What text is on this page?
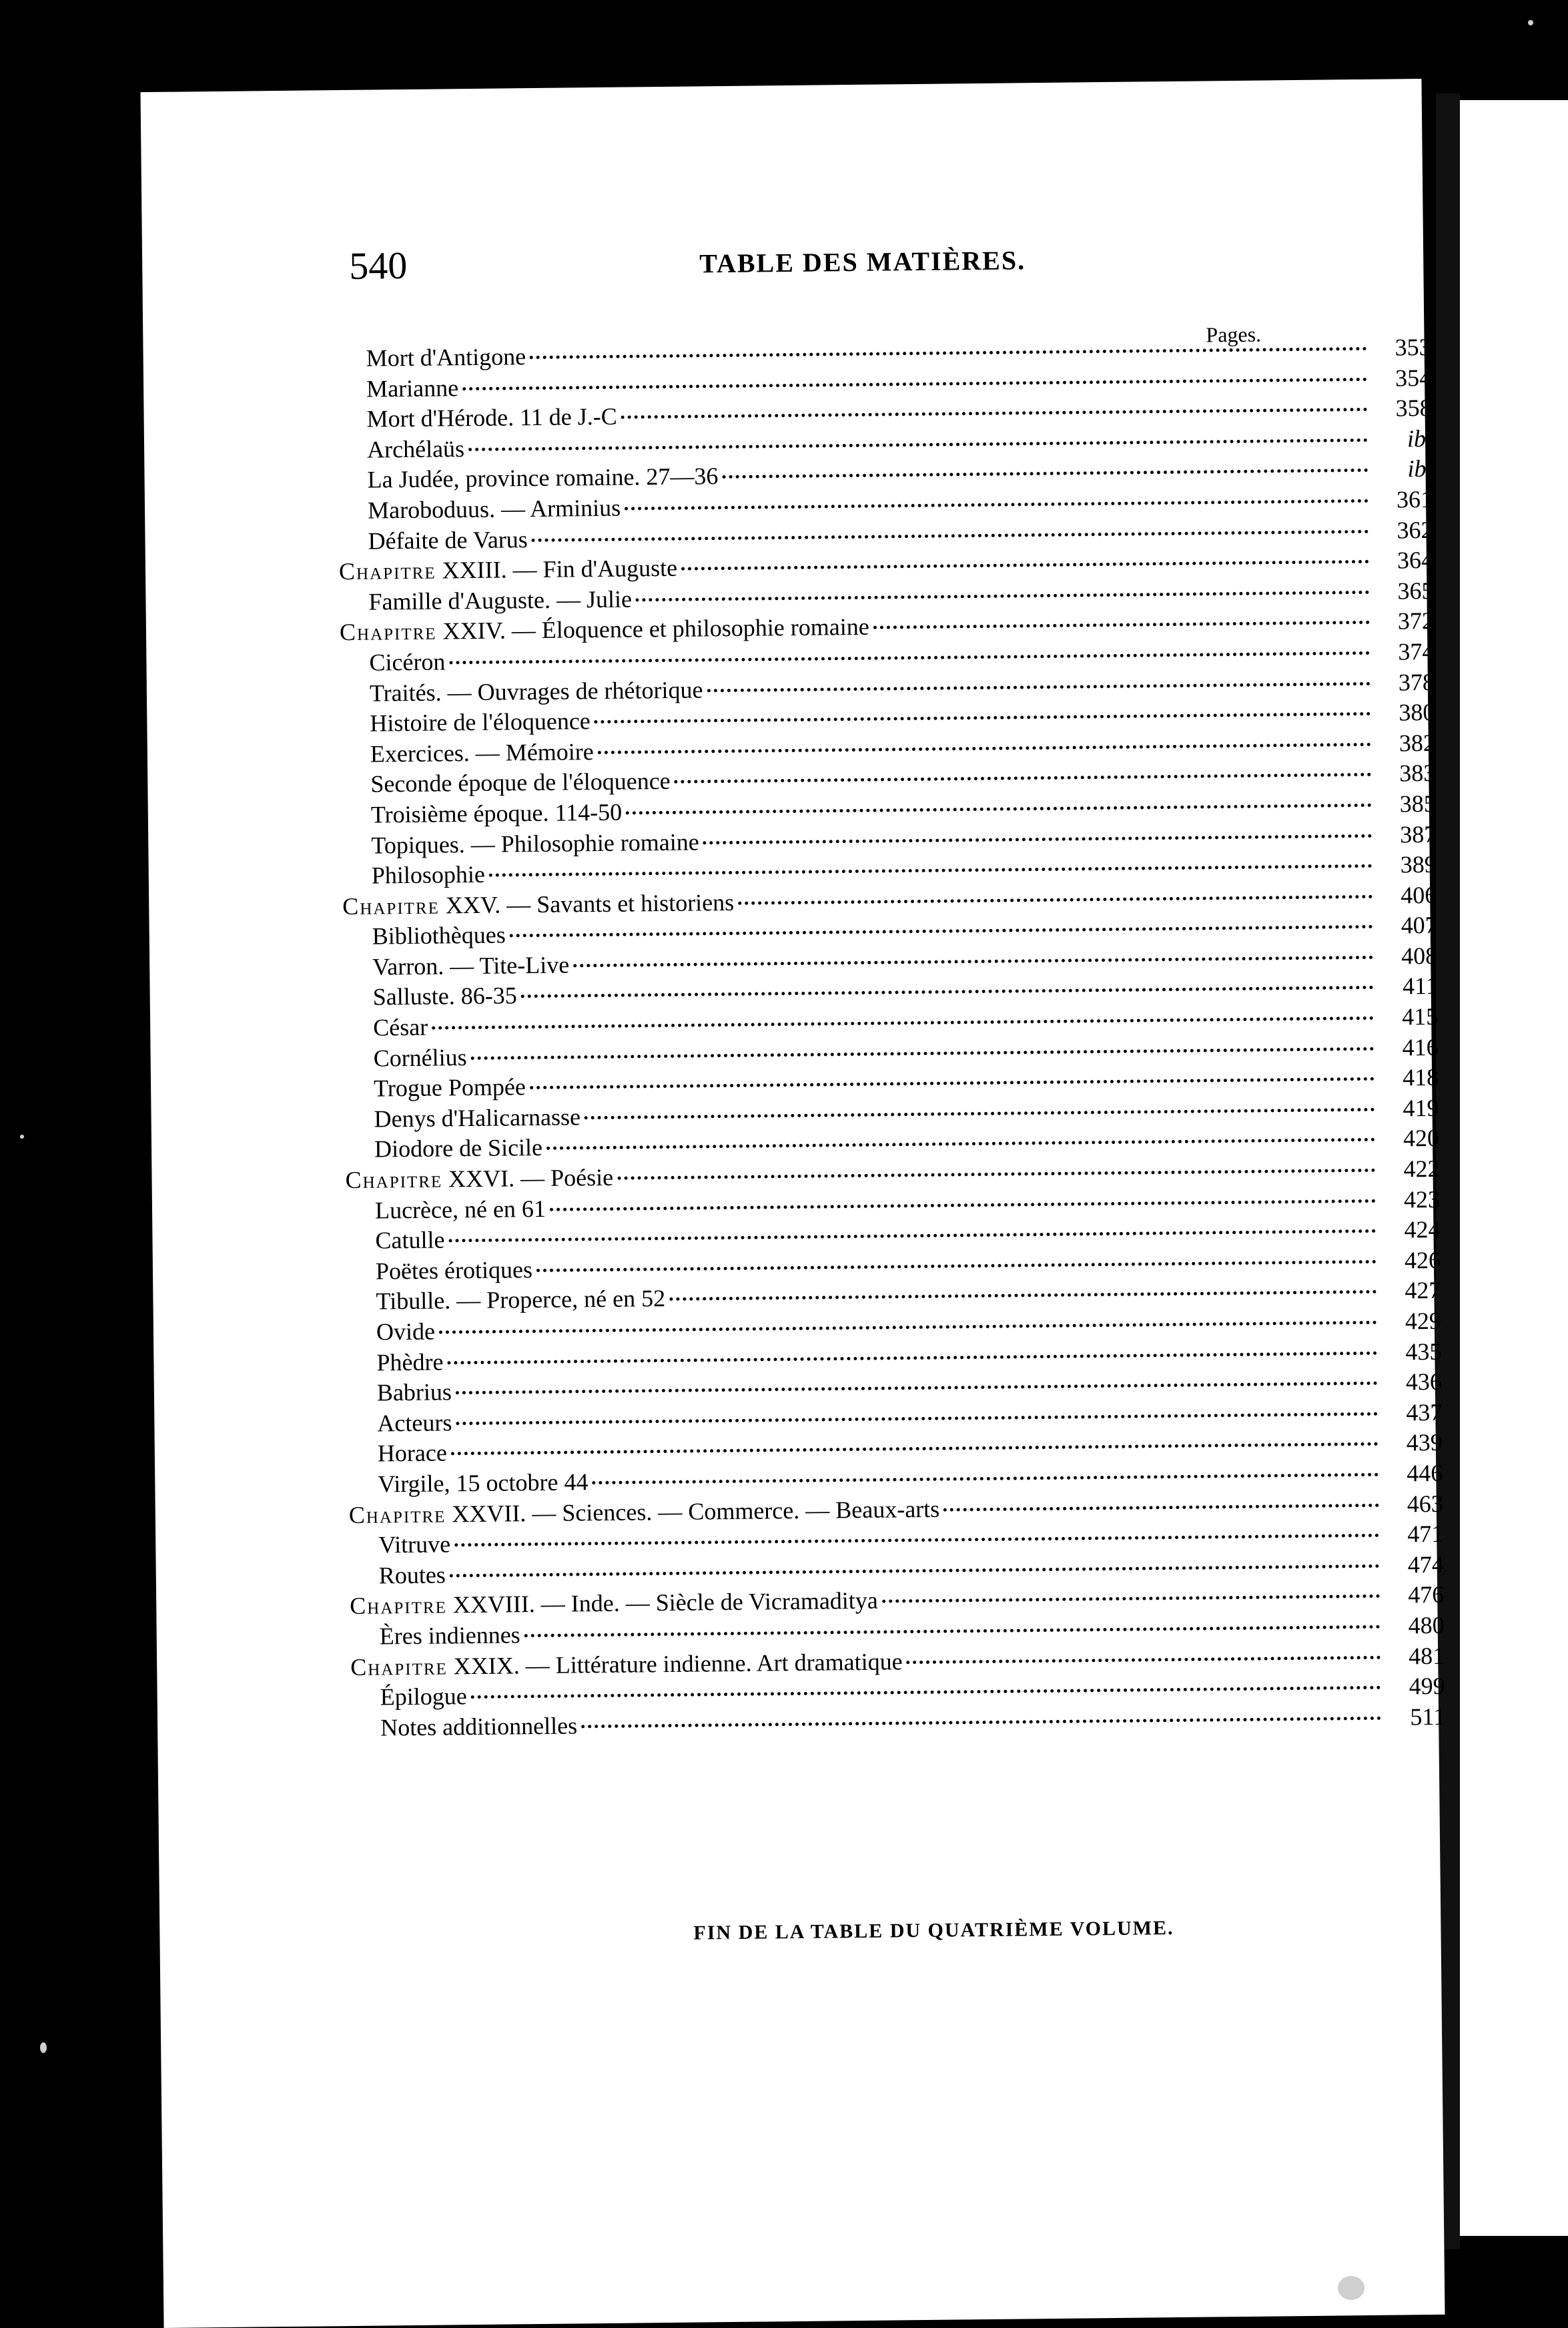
540	TABLE DES MATIÈRES.
Pages.
Mort d'Antigone	353
Marianne	354
Mort d'Hérode. 11 de J.-C	358
Archélaüs	ib.
La Judée, province romaine. 27—36	ib.
Maroboduus. — Arminius	361
Défaite de Varus	362
Chapitre XXIII. — Fin d'Auguste	364
Famille d'Auguste. — Julie	365
Chapitre XXIV. — Éloquence et philosophie romaine	372
Cicéron	374
Traités. — Ouvrages de rhétorique	378
Histoire de l'éloquence	380
Exercices. — Mémoire	382
Seconde époque de l'éloquence	383
Troisième époque. 114-50	385
Topiques. — Philosophie romaine	387
Philosophie	389
Chapitre XXV. — Savants et historiens	406
Bibliothèques	407
Varron. — Tite-Live	408
Salluste. 86-35	411
César	415
Cornélius	416
Trogue Pompée	418
Denys d'Halicarnasse	419
Diodore de Sicile	420
Chapitre XXVI. — Poésie	422
Lucrèce, né en 61	423
Catulle	424
Poëtes érotiques	426
Tibulle. — Properce, né en 52	427
Ovide	429
Phèdre	435
Babrius	436
Acteurs	437
Horace	439
Virgile, 15 octobre 44	446
Chapitre XXVII. — Sciences. — Commerce. — Beaux-arts	463
Vitruve	471
Routes	474
Chapitre XXVIII. — Inde. — Siècle de Vicramaditya	476
Ères indiennes	480
Chapitre XXIX. — Littérature indienne. Art dramatique	481
Épilogue	499
Notes additionnelles	511
FIN DE LA TABLE DU QUATRIÈME VOLUME.
